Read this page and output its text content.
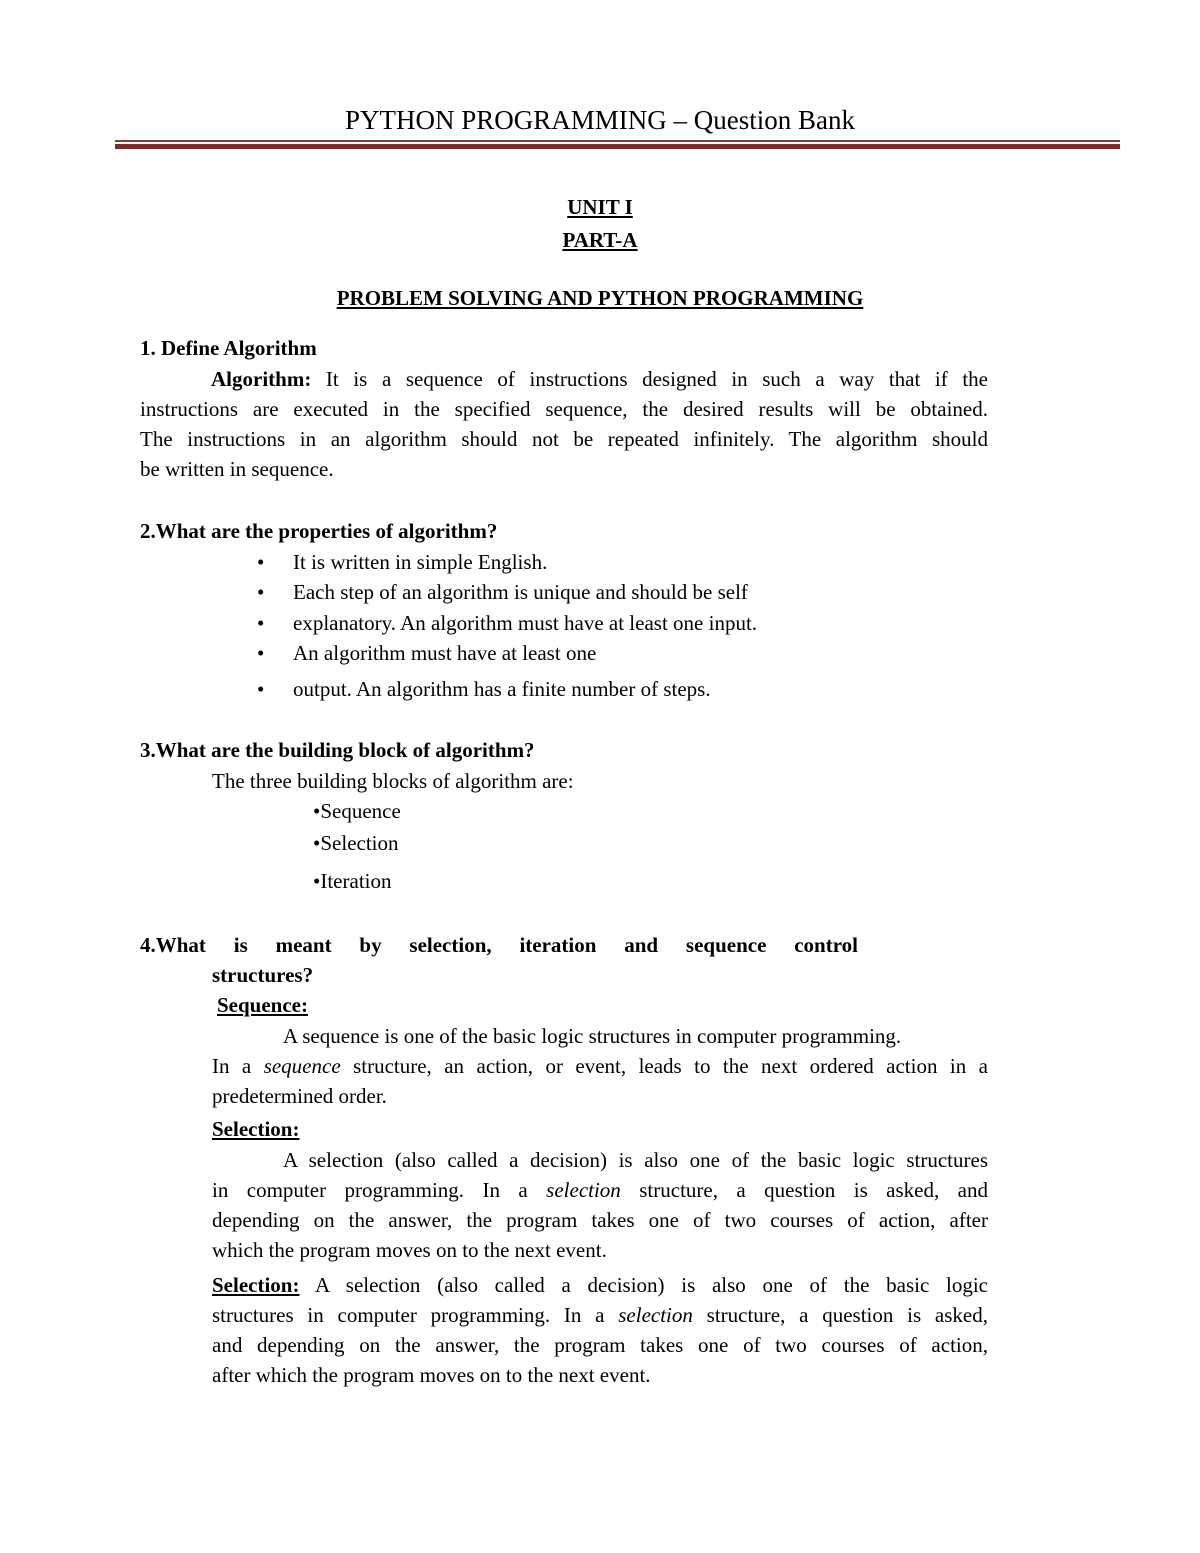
PYTHON PROGRAMMING – Question Bank
UNIT I
PART-A
PROBLEM SOLVING AND PYTHON PROGRAMMING
1. Define Algorithm
Algorithm: It is a sequence of instructions designed in such a way that if the
instructions are executed in the specified sequence, the desired results will be obtained.
The instructions in an algorithm should not be repeated infinitely. The algorithm should
be written in sequence.
2.What are the properties of algorithm?
• It is written in simple English.
• Each step of an algorithm is unique and should be self
• explanatory. An algorithm must have at least one input.
• An algorithm must have at least one
• output. An algorithm has a finite number of steps.
3.What are the building block of algorithm?
The three building blocks of algorithm are:
•Sequence
•Selection
•Iteration
4.What is meant by selection, iteration and sequence control
structures?
Sequence:
A sequence is one of the basic logic structures in computer programming.
In a sequence structure, an action, or event, leads to the next ordered action in a
predetermined order.
Selection:
A selection (also called a decision) is also one of the basic logic structures
in computer programming. In a selection structure, a question is asked, and
depending on the answer, the program takes one of two courses of action, after
which the program moves on to the next event.
Selection: A selection (also called a decision) is also one of the basic logic
structures in computer programming. In a selection structure, a question is asked,
and depending on the answer, the program takes one of two courses of action,
after which the program moves on to the next event.
